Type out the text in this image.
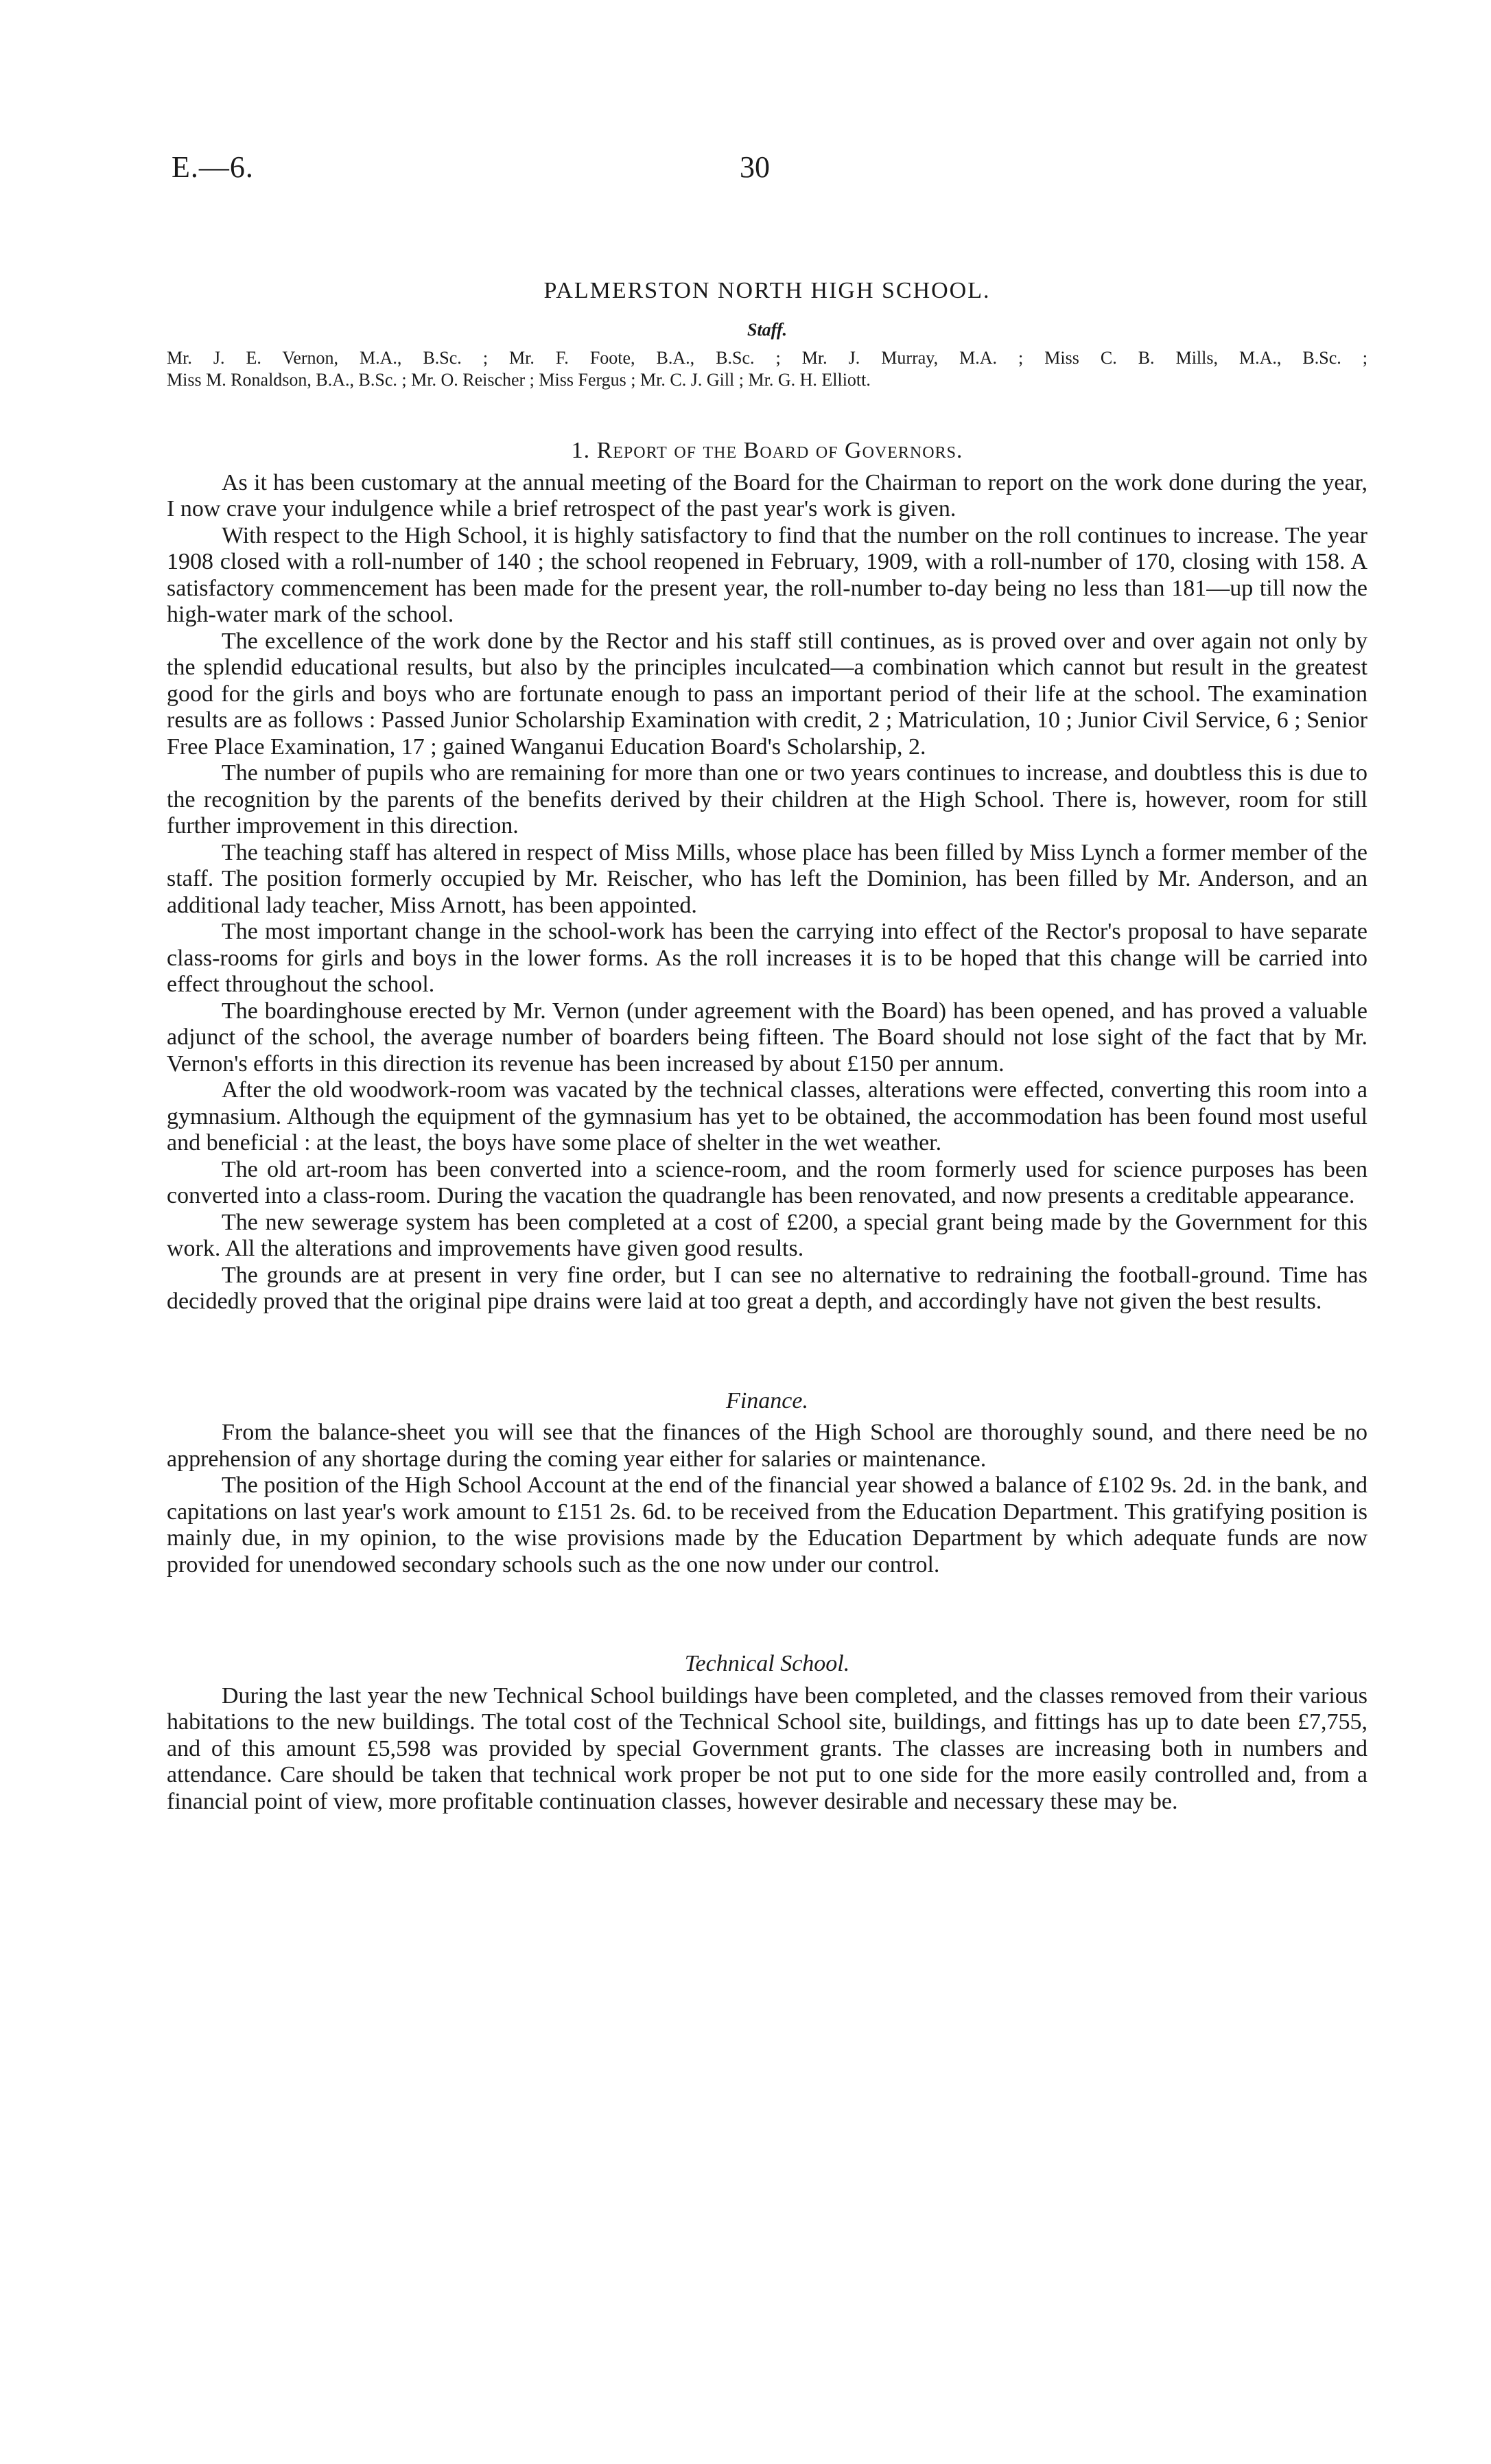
E.—6.	30
PALMERSTON NORTH HIGH SCHOOL.
Staff.
Mr. J. E. Vernon, M.A., B.Sc. ; Mr. F. Foote, B.A., B.Sc. ; Mr. J. Murray, M.A. ; Miss C. B. Mills, M.A., B.Sc. ;
Miss M. Ronaldson, B.A., B.Sc. ; Mr. O. Reischer ; Miss Fergus ; Mr. C. J. Gill ; Mr. G. H. Elliott.
1. Report of the Board of Governors.

As it has been customary at the annual meeting of the Board for the Chairman to report on the work done during the year, I now crave your indulgence while a brief retrospect of the past year's work is given.

With respect to the High School, it is highly satisfactory to find that the number on the roll continues to increase. The year 1908 closed with a roll-number of 140 ; the school reopened in February, 1909, with a roll-number of 170, closing with 158. A satisfactory commencement has been made for the present year, the roll-number to-day being no less than 181—up till now the high-water mark of the school.

The excellence of the work done by the Rector and his staff still continues, as is proved over and over again not only by the splendid educational results, but also by the principles inculcated—a combination which cannot but result in the greatest good for the girls and boys who are fortunate enough to pass an important period of their life at the school. The examination results are as follows : Passed Junior Scholarship Examination with credit, 2 ; Matriculation, 10 ; Junior Civil Service, 6 ; Senior Free Place Examination, 17 ; gained Wanganui Education Board's Scholarship, 2.

The number of pupils who are remaining for more than one or two years continues to increase, and doubtless this is due to the recognition by the parents of the benefits derived by their children at the High School. There is, however, room for still further improvement in this direction.

The teaching staff has altered in respect of Miss Mills, whose place has been filled by Miss Lynch a former member of the staff. The position formerly occupied by Mr. Reischer, who has left the Dominion, has been filled by Mr. Anderson, and an additional lady teacher, Miss Arnott, has been appointed.

The most important change in the school-work has been the carrying into effect of the Rector's proposal to have separate class-rooms for girls and boys in the lower forms. As the roll increases it is to be hoped that this change will be carried into effect throughout the school.

The boardinghouse erected by Mr. Vernon (under agreement with the Board) has been opened, and has proved a valuable adjunct of the school, the average number of boarders being fifteen. The Board should not lose sight of the fact that by Mr. Vernon's efforts in this direction its revenue has been increased by about £150 per annum.

After the old woodwork-room was vacated by the technical classes, alterations were effected, converting this room into a gymnasium. Although the equipment of the gymnasium has yet to be obtained, the accommodation has been found most useful and beneficial : at the least, the boys have some place of shelter in the wet weather.

The old art-room has been converted into a science-room, and the room formerly used for science purposes has been converted into a class-room. During the vacation the quadrangle has been renovated, and now presents a creditable appearance.

The new sewerage system has been completed at a cost of £200, a special grant being made by the Government for this work. All the alterations and improvements have given good results.

The grounds are at present in very fine order, but I can see no alternative to redraining the football-ground. Time has decidedly proved that the original pipe drains were laid at too great a depth, and accordingly have not given the best results.

Finance.

From the balance-sheet you will see that the finances of the High School are thoroughly sound, and there need be no apprehension of any shortage during the coming year either for salaries or maintenance.

The position of the High School Account at the end of the financial year showed a balance of £102 9s. 2d. in the bank, and capitations on last year's work amount to £151 2s. 6d. to be received from the Education Department. This gratifying position is mainly due, in my opinion, to the wise provisions made by the Education Department by which adequate funds are now provided for unendowed secondary schools such as the one now under our control.

Technical School.

During the last year the new Technical School buildings have been completed, and the classes removed from their various habitations to the new buildings. The total cost of the Technical School site, buildings, and fittings has up to date been £7,755, and of this amount £5,598 was provided by special Government grants. The classes are increasing both in numbers and attendance. Care should be taken that technical work proper be not put to one side for the more easily controlled and, from a financial point of view, more profitable continuation classes, however desirable and necessary these may be.
